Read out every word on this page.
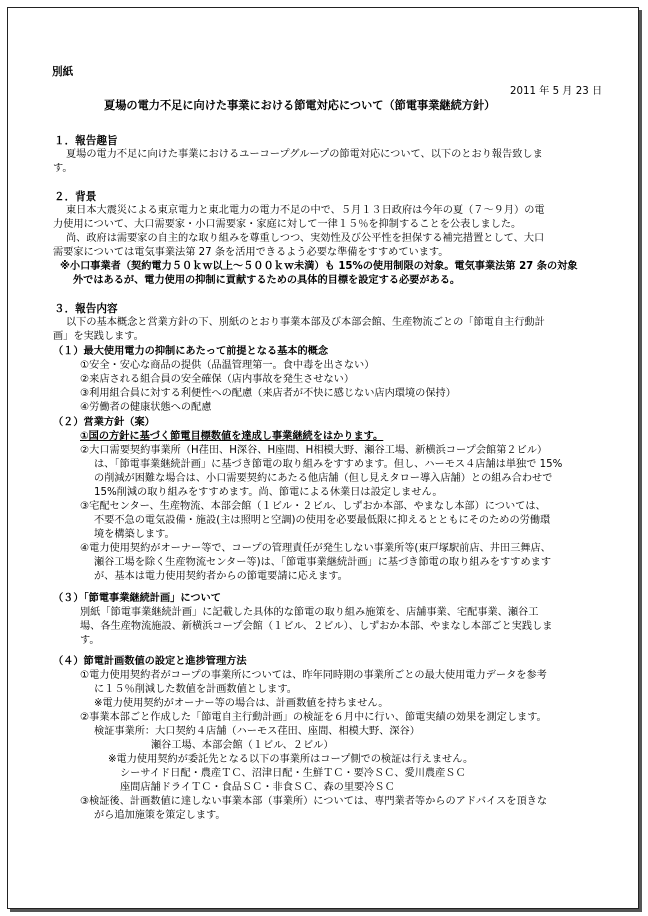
別紙
2011 年 5 月 23 日
夏場の電力不足に向けた事業における節電対応について（節電事業継続方針）
１．報告趣旨
夏場の電力不足に向けた事業におけるユーコープグループの節電対応について、以下のとおり報告致しま
す。
２．背景
東日本大震災による東京電力と東北電力の電力不足の中で、５月１３日政府は今年の夏（７～９月）の電
力使用について、大口需要家・小口需要家・家庭に対して一律１５％を抑制することを公表しました。
尚、政府は需要家の自主的な取り組みを尊重しつつ、実効性及び公平性を担保する補完措置として、大口
需要家については電気事業法第 27 条を活用できるよう必要な準備をすすめています。
※小口事業者（契約電力５０ｋｗ以上～５００ｋｗ未満）も 15%の使用制限の対象。電気事業法第 27 条の対象
外ではあるが、電力使用の抑制に貢献するための具体的目標を設定する必要がある。
３．報告内容
以下の基本概念と営業方針の下、別紙のとおり事業本部及び本部会館、生産物流ごとの「節電自主行動計
画」を実践します。
（１）最大使用電力の抑制にあたって前提となる基本的概念
①安全・安心な商品の提供（品温管理第一。食中毒を出さない）
②来店される組合員の安全確保（店内事故を発生させない）
③利用組合員に対する利便性への配慮（来店者が不快に感じない店内環境の保持）
④労働者の健康状態への配慮
（２）営業方針（案）
①国の方針に基づく節電目標数値を達成し事業継続をはかります。
②大口需要契約事業所（H荏田、H深谷、H座間、H相模大野、瀬谷工場、新横浜コープ会館第２ビル）
は、「節電事業継続計画」に基づき節電の取り組みをすすめます。但し、ハーモス４店舗は単独で 15%
の削減が困難な場合は、小口需要契約にあたる他店舗（但し見えタロー導入店舗）との組み合わせで
15%削減の取り組みをすすめます。尚、節電による休業日は設定しません。
③宅配センター、生産物流、本部会館（１ビル・２ビル、しずおか本部、やまなし本部）については、
不要不急の電気設備・施設(主は照明と空調)の使用を必要最低限に抑えるとともにそのための労働環
境を構築します。
④電力使用契約がオーナー等で、コープの管理責任が発生しない事業所等(東戸塚駅前店、井田三舞店、
瀬谷工場を除く生産物流センター等)は、「節電事業継続計画」に基づき節電の取り組みをすすめます
が、基本は電力使用契約者からの節電要請に応えます。
（３）「節電事業継続計画」について
別紙「節電事業継続計画」に記載した具体的な節電の取り組み施策を、店舗事業、宅配事業、瀬谷工
場、各生産物流施設、新横浜コープ会館（１ビル、２ビル）、しずおか本部、やまなし本部ごと実践しま
す。
（４）節電計画数値の設定と進捗管理方法
①電力使用契約者がコープの事業所については、昨年同時期の事業所ごとの最大使用電力データを参考
に１５％削減した数値を計画数値とします。
※電力使用契約がオーナー等の場合は、計画数値を持ちません。
②事業本部ごと作成した「節電自主行動計画」の検証を６月中に行い、節電実績の効果を測定します。
検証事業所：大口契約４店舗（ハーモス荏田、座間、相模大野、深谷）
瀬谷工場、本部会館（１ビル、２ビル）
※電力使用契約が委託先となる以下の事業所はコープ側での検証は行えません。
シーサイド日配・農産ＴＣ、沼津日配・生鮮ＴＣ・要冷ＳＣ、愛川農産ＳＣ
座間店舗ドライＴＣ・食品ＳＣ・非食ＳＣ、森の里要冷ＳＣ
③検証後、計画数値に達しない事業本部（事業所）については、専門業者等からのアドバイスを頂きな
がら追加施策を策定します。
